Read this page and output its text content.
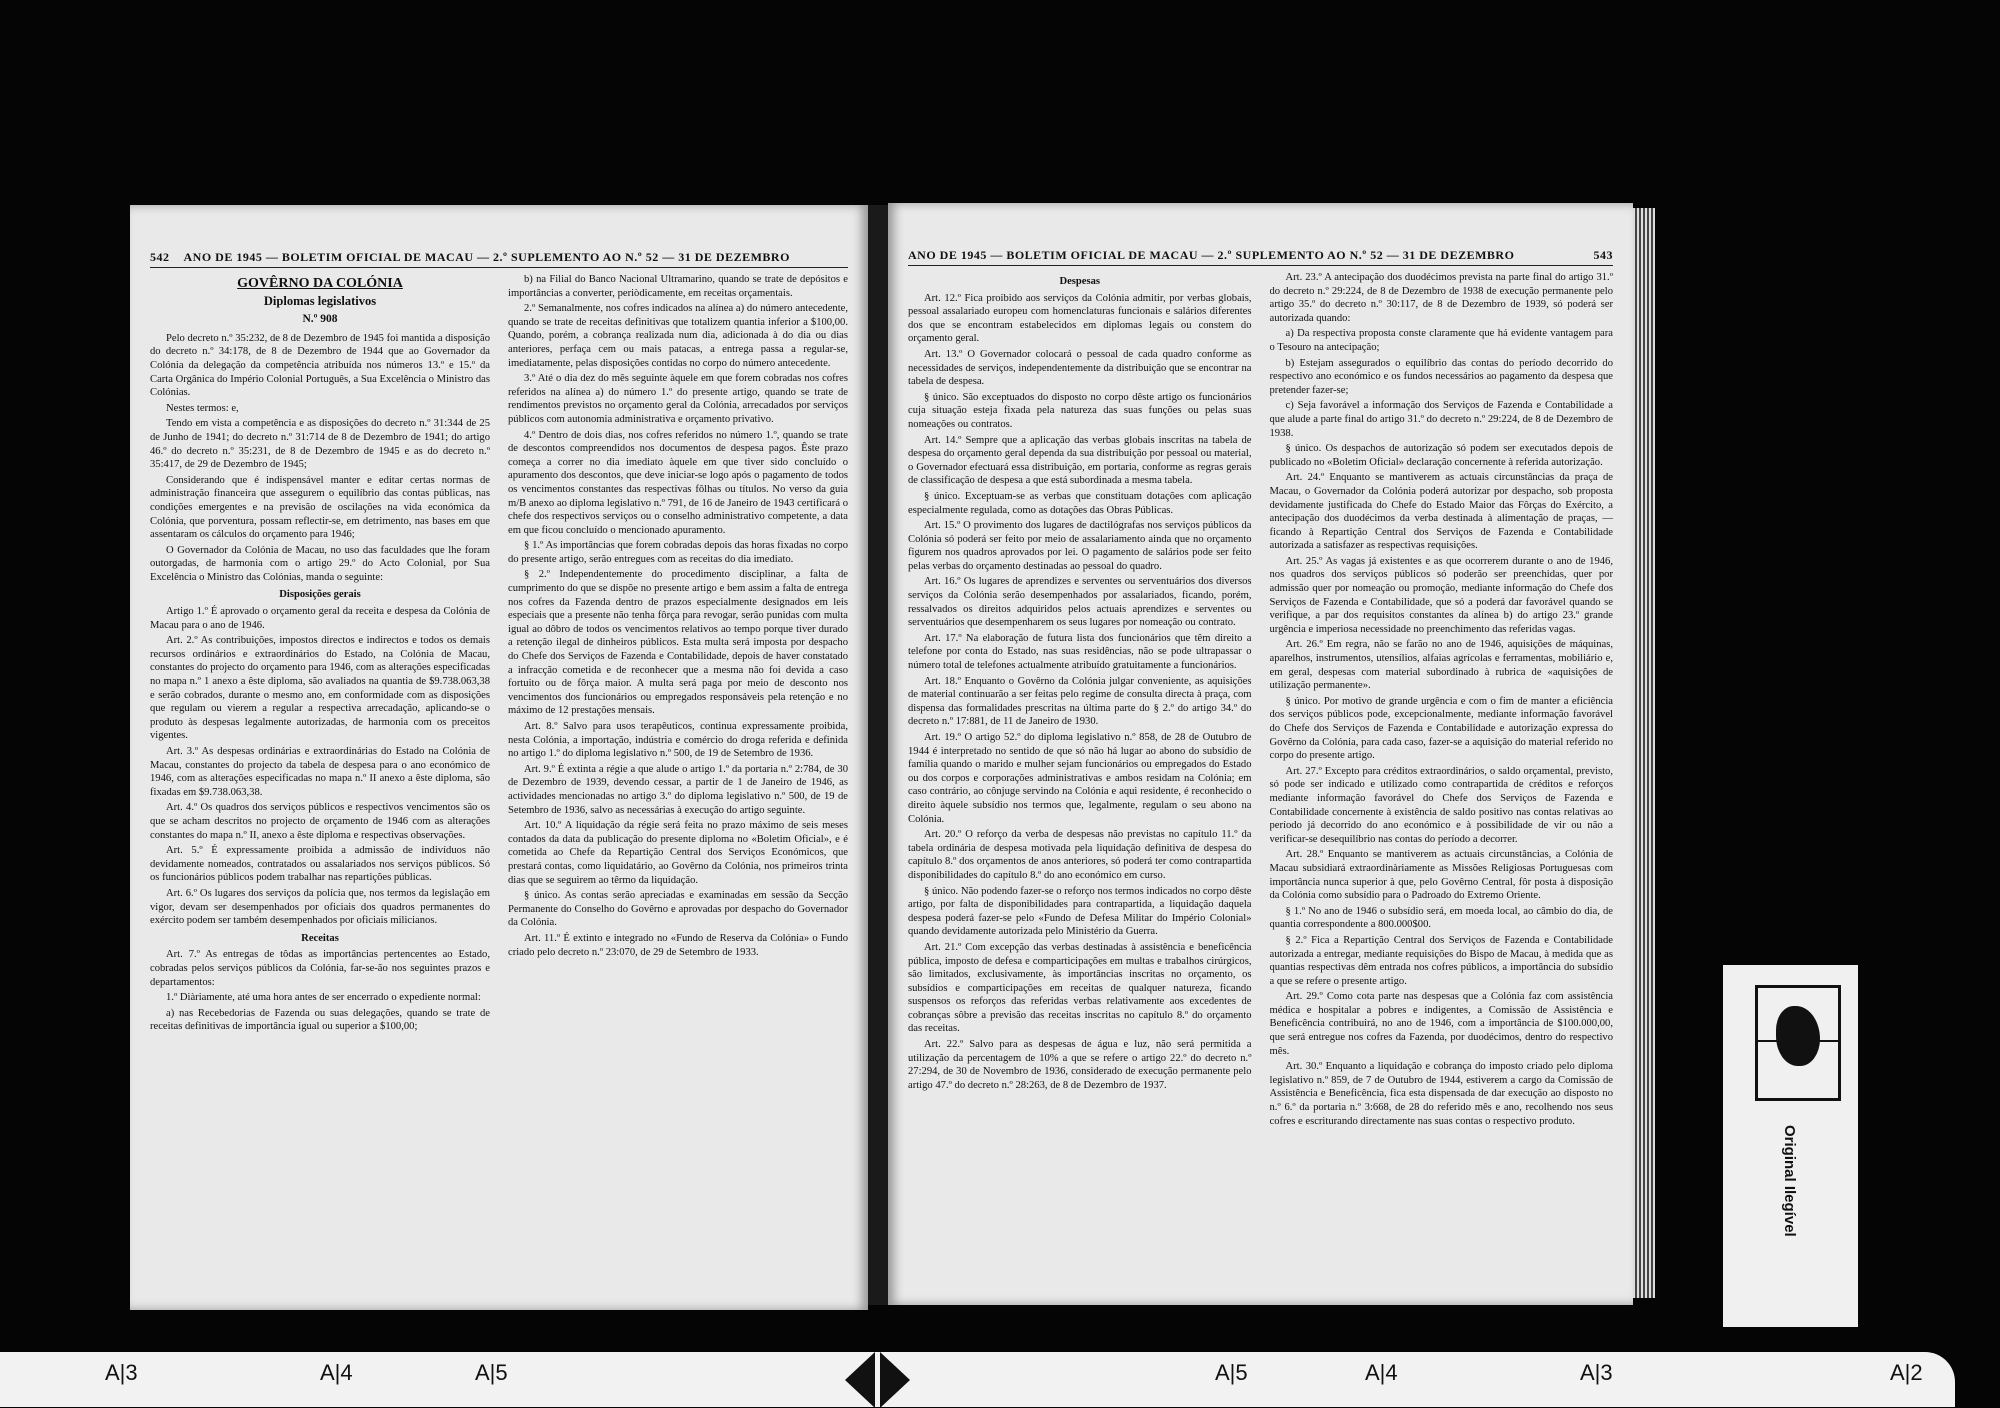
542 ANO DE 1945 — BOLETIM OFICIAL DE MACAU — 2.º SUPLEMENTO AO N.º 52 — 31 DE DEZEMBRO

GOVÊRNO DA COLÓNIA

Diplomas legislativos

N.º 908

Pelo decreto n.º 35:232, de 8 de Dezembro de 1945 foi mantida a disposição do decreto n.º 34:178, de 8 de Dezembro de 1944 que ao Governador da Colónia da delegação da competência atribuída nos números 13.º e 15.º da Carta Orgânica do Império Colonial Português, a Sua Excelência o Ministro das Colónias.

Nestes termos: e,

Tendo em vista a competência e as disposições do decreto n.º 31:344 de 25 de Junho de 1941; do decreto n.º 31:714 de 8 de Dezembro de 1941; do artigo 46.º do decreto n.º 35:231, de 8 de Dezembro de 1945 e as do decreto n.º 35:417, de 29 de Dezembro de 1945;

Considerando que é indispensável manter e editar certas normas de administração financeira que assegurem o equilíbrio das contas públicas, nas condições emergentes e na previsão de oscilações na vida económica da Colónia, que porventura, possam reflectir-se, em detrimento, nas bases em que assentaram os cálculos do orçamento para 1946;

O Governador da Colónia de Macau, no uso das faculdades que lhe foram outorgadas, de harmonia com o artigo 29.º do Acto Colonial, por Sua Excelência o Ministro das Colónias, manda o seguinte:

Disposições gerais

Artigo 1.º É aprovado o orçamento geral da receita e despesa da Colónia de Macau para o ano de 1946.

Art. 2.º As contribuições, impostos directos e indirectos e todos os demais recursos ordinários e extraordinários do Estado, na Colónia de Macau, constantes do projecto do orçamento para 1946, com as alterações especificadas no mapa n.º 1 anexo a êste diploma, são avaliados na quantia de $9.738.063,38 e serão cobrados, durante o mesmo ano, em conformidade com as disposições que regulam ou vierem a regular a respectiva arrecadação, aplicando-se o produto às despesas legalmente autorizadas, de harmonia com os preceitos vigentes.

Art. 3.º As despesas ordinárias e extraordinárias do Estado na Colónia de Macau, constantes do projecto da tabela de despesa para o ano económico de 1946, com as alterações especificadas no mapa n.º II anexo a êste diploma, são fixadas em $9.738.063,38.

Art. 4.º Os quadros dos serviços públicos e respectivos vencimentos são os que se acham descritos no projecto de orçamento de 1946 com as alterações constantes do mapa n.º II, anexo a êste diploma e respectivas observações.

Art. 5.º É expressamente proibida a admissão de indivíduos não devidamente nomeados, contratados ou assalariados nos serviços públicos. Só os funcionários públicos podem trabalhar nas repartições públicas.

Art. 6.º Os lugares dos serviços da polícia que, nos termos da legislação em vigor, devam ser desempenhados por oficiais dos quadros permanentes do exército podem ser também desempenhados por oficiais milicianos.

Receitas

Art. 7.º As entregas de tôdas as importâncias pertencentes ao Estado, cobradas pelos serviços públicos da Colónia, far-se-ão nos seguintes prazos e departamentos:

1.º Diàriamente, até uma hora antes de ser encerrado o expediente normal:

a) nas Recebedorias de Fazenda ou suas delegações, quando se trate de receitas definitivas de importância igual ou superior a $100,00;

b) na Filial do Banco Nacional Ultramarino, quando se trate de depósitos e importâncias a converter, periòdicamente, em receitas orçamentais.

2.º Semanalmente, nos cofres indicados na alínea a) do número antecedente, quando se trate de receitas definitivas que totalizem quantia inferior a $100,00. Quando, porém, a cobrança realizada num dia, adicionada à do dia ou dias anteriores, perfaça cem ou mais patacas, a entrega passa a regular-se, imediatamente, pelas disposições contidas no corpo do número antecedente.

3.º Até o dia dez do mês seguinte àquele em que forem cobradas nos cofres referidos na alínea a) do número 1.º do presente artigo, quando se trate de rendimentos previstos no orçamento geral da Colónia, arrecadados por serviços públicos com autonomia administrativa e orçamento privativo.

4.º Dentro de dois dias, nos cofres referidos no número 1.º, quando se trate de descontos compreendidos nos documentos de despesa pagos. Êste prazo começa a correr no dia imediato àquele em que tiver sido concluído o apuramento dos descontos, que deve iniciar-se logo após o pagamento de todos os vencimentos constantes das respectivas fôlhas ou títulos. No verso da guia m/B anexo ao diploma legislativo n.º 791, de 16 de Janeiro de 1943 certificará o chefe dos respectivos serviços ou o conselho administrativo competente, a data em que ficou concluído o mencionado apuramento.

§ 1.º As importâncias que forem cobradas depois das horas fixadas no corpo do presente artigo, serão entregues com as receitas do dia imediato.

§ 2.º Independentemente do procedimento disciplinar, a falta de cumprimento do que se dispõe no presente artigo e bem assim a falta de entrega nos cofres da Fazenda dentro de prazos especialmente designados em leis especiais que a presente não tenha fôrça para revogar, serão punidas com multa igual ao dôbro de todos os vencimentos relativos ao tempo porque tiver durado a retenção ilegal de dinheiros públicos. Esta multa será imposta por despacho do Chefe dos Serviços de Fazenda e Contabilidade, depois de haver constatado a infracção cometida e de reconhecer que a mesma não foi devida a caso fortuito ou de fôrça maior. A multa será paga por meio de desconto nos vencimentos dos funcionários ou empregados responsáveis pela retenção e no máximo de 12 prestações mensais.

Art. 8.º Salvo para usos terapêuticos, continua expressamente proibida, nesta Colónia, a importação, indústria e comércio do droga referida e definida no artigo 1.º do diploma legislativo n.º 500, de 19 de Setembro de 1936.

Art. 9.º É extinta a régie a que alude o artigo 1.º da portaria n.º 2:784, de 30 de Dezembro de 1939, devendo cessar, a partir de 1 de Janeiro de 1946, as actividades mencionadas no artigo 3.º do diploma legislativo n.º 500, de 19 de Setembro de 1936, salvo as necessárias à execução do artigo seguinte.

Art. 10.º A liquidação da régie será feita no prazo máximo de seis meses contados da data da publicação do presente diploma no «Boletim Oficial», e é cometida ao Chefe da Repartição Central dos Serviços Económicos, que prestará contas, como liquidatário, ao Govêrno da Colónia, nos primeiros trinta dias que se seguirem ao têrmo da liquidação.

§ único. As contas serão apreciadas e examinadas em sessão da Secção Permanente do Conselho do Govêrno e aprovadas por despacho do Governador da Colónia.

Art. 11.º É extinto e integrado no «Fundo de Reserva da Colónia» o Fundo criado pelo decreto n.º 23:070, de 29 de Setembro de 1933.

ANO DE 1945 — BOLETIM OFICIAL DE MACAU — 2.º SUPLEMENTO AO N.º 52 — 31 DE DEZEMBRO	543

Despesas

Art. 12.º Fica proibido aos serviços da Colónia admitir, por verbas globais, pessoal assalariado europeu com homenclaturas funcionais e salários diferentes dos que se encontram estabelecidos em diplomas legais ou constem do orçamento geral.

Art. 13.º O Governador colocará o pessoal de cada quadro conforme as necessidades de serviços, independentemente da distribuição que se encontrar na tabela de despesa.

§ único. São exceptuados do disposto no corpo dêste artigo os funcionários cuja situação esteja fixada pela natureza das suas funções ou pelas suas nomeações ou contratos.

Art. 14.º Sempre que a aplicação das verbas globais inscritas na tabela de despesa do orçamento geral dependa da sua distribuição por pessoal ou material, o Governador efectuará essa distribuição, em portaria, conforme as regras gerais de classificação de despesa a que está subordinada a mesma tabela.

§ único. Exceptuam-se as verbas que constituam dotações com aplicação especialmente regulada, como as dotações das Obras Públicas.

Art. 15.º O provimento dos lugares de dactilógrafas nos serviços públicos da Colónia só poderá ser feito por meio de assalariamento ainda que no orçamento figurem nos quadros aprovados por lei. O pagamento de salários pode ser feito pelas verbas do orçamento destinadas ao pessoal do quadro.

Art. 16.º Os lugares de aprendizes e serventes ou serventuários dos diversos serviços da Colónia serão desempenhados por assalariados, ficando, porém, ressalvados os direitos adquiridos pelos actuais aprendizes e serventes ou serventuários que desempenharem os seus lugares por nomeação ou contrato.

Art. 17.º Na elaboração de futura lista dos funcionários que têm direito a telefone por conta do Estado, nas suas residências, não se pode ultrapassar o número total de telefones actualmente atribuído gratuitamente a funcionários.

Art. 18.º Enquanto o Govêrno da Colónia julgar conveniente, as aquisições de material continuarão a ser feitas pelo regime de consulta directa à praça, com dispensa das formalidades prescritas na última parte do § 2.º do artigo 34.º do decreto n.º 17:881, de 11 de Janeiro de 1930.

Art. 19.º O artigo 52.º do diploma legislativo n.º 858, de 28 de Outubro de 1944 é interpretado no sentido de que só não há lugar ao abono do subsídio de família quando o marido e mulher sejam funcionários ou empregados do Estado ou dos corpos e corporações administrativas e ambos residam na Colónia; em caso contrário, ao cônjuge servindo na Colónia e aqui residente, é reconhecido o direito àquele subsídio nos termos que, legalmente, regulam o seu abono na Colónia.

Art. 20.º O reforço da verba de despesas não previstas no capítulo 11.º da tabela ordinária de despesa motivada pela liquidação definitiva de despesa do capítulo 8.º dos orçamentos de anos anteriores, só poderá ter como contrapartida disponibilidades do capítulo 8.º do ano económico em curso.

§ único. Não podendo fazer-se o reforço nos termos indicados no corpo dêste artigo, por falta de disponibilidades para contrapartida, a liquidação daquela despesa poderá fazer-se pelo «Fundo de Defesa Militar do Império Colonial» quando devidamente autorizada pelo Ministério da Guerra.

Art. 21.º Com excepção das verbas destinadas à assistência e beneficência pública, imposto de defesa e comparticipações em multas e trabalhos cirúrgicos, são limitados, exclusivamente, às importâncias inscritas no orçamento, os subsídios e comparticipações em receitas de qualquer natureza, ficando suspensos os reforços das referidas verbas relativamente aos excedentes de cobranças sôbre a previsão das receitas inscritas no capítulo 8.º do orçamento das receitas.

Art. 22.º Salvo para as despesas de água e luz, não será permitida a utilização da percentagem de 10% a que se refere o artigo 22.º do decreto n.º 27:294, de 30 de Novembro de 1936, considerado de execução permanente pelo artigo 47.º do decreto n.º 28:263, de 8 de Dezembro de 1937.

Art. 23.º A antecipação dos duodécimos prevista na parte final do artigo 31.º do decreto n.º 29:224, de 8 de Dezembro de 1938 de execução permanente pelo artigo 35.º do decreto n.º 30:117, de 8 de Dezembro de 1939, só poderá ser autorizada quando:

a) Da respectiva proposta conste claramente que há evidente vantagem para o Tesouro na antecipação;

b) Estejam assegurados o equilíbrio das contas do período decorrido do respectivo ano económico e os fundos necessários ao pagamento da despesa que pretender fazer-se;

c) Seja favorável a informação dos Serviços de Fazenda e Contabilidade a que alude a parte final do artigo 31.º do decreto n.º 29:224, de 8 de Dezembro de 1938.

§ único. Os despachos de autorização só podem ser executados depois de publicado no «Boletim Oficial» declaração concernente à referida autorização.

Art. 24.º Enquanto se mantiverem as actuais circunstâncias da praça de Macau, o Governador da Colónia poderá autorizar por despacho, sob proposta devidamente justificada do Chefe do Estado Maior das Fôrças do Exército, a antecipação dos duodécimos da verba destinada à alimentação de praças, — ficando à Repartição Central dos Serviços de Fazenda e Contabilidade autorizada a satisfazer as respectivas requisições.

Art. 25.º As vagas já existentes e as que ocorrerem durante o ano de 1946, nos quadros dos serviços públicos só poderão ser preenchidas, quer por admissão quer por nomeação ou promoção, mediante informação do Chefe dos Serviços de Fazenda e Contabilidade, que só a poderá dar favorável quando se verifique, a par dos requisitos constantes da alínea b) do artigo 23.º grande urgência e imperiosa necessidade no preenchimento das referidas vagas.

Art. 26.º Em regra, não se farão no ano de 1946, aquisições de máquinas, aparelhos, instrumentos, utensílios, alfaias agrícolas e ferramentas, mobiliário e, em geral, despesas com material subordinado à rubrica de «aquisições de utilização permanente».

§ único. Por motivo de grande urgência e com o fim de manter a eficiência dos serviços públicos pode, excepcionalmente, mediante informação favorável do Chefe dos Serviços de Fazenda e Contabilidade e autorização expressa do Govêrno da Colónia, para cada caso, fazer-se a aquisição do material referido no corpo do presente artigo.

Art. 27.º Excepto para créditos extraordinários, o saldo orçamental, previsto, só pode ser indicado e utilizado como contrapartida de créditos e reforços mediante informação favorável do Chefe dos Serviços de Fazenda e Contabilidade concernente à existência de saldo positivo nas contas relativas ao período já decorrido do ano económico e à possibilidade de vir ou não a verificar-se desequilíbrio nas contas do período a decorrer.

Art. 28.º Enquanto se mantiverem as actuais circunstâncias, a Colónia de Macau subsidiará extraordinàriamente as Missões Religiosas Portuguesas com importância nunca superior à que, pelo Govêrno Central, fôr posta à disposição da Colónia como subsídio para o Padroado do Extremo Oriente.

§ 1.º No ano de 1946 o subsídio será, em moeda local, ao câmbio do dia, de quantia correspondente a 800.000$00.

§ 2.º Fica a Repartição Central dos Serviços de Fazenda e Contabilidade autorizada a entregar, mediante requisições do Bispo de Macau, à medida que as quantias respectivas dêm entrada nos cofres públicos, a importância do subsídio a que se refere o presente artigo.

Art. 29.º Como cota parte nas despesas que a Colónia faz com assistência médica e hospitalar a pobres e indigentes, a Comissão de Assistência e Beneficência contribuirá, no ano de 1946, com a importância de $100.000,00, que será entregue nos cofres da Fazenda, por duodécimos, dentro do respectivo mês.

Art. 30.º Enquanto a liquidação e cobrança do imposto criado pelo diploma legislativo n.º 859, de 7 de Outubro de 1944, estiverem a cargo da Comissão de Assistência e Beneficência, fica esta dispensada de dar execução ao disposto no n.º 6.º da portaria n.º 3:668, de 28 do referido mês e ano, recolhendo nos seus cofres e escriturando directamente nas suas contas o respectivo produto.

Original Ilegível
A|3	A|4	A|5	A|5	A|4	A|3	A|2
